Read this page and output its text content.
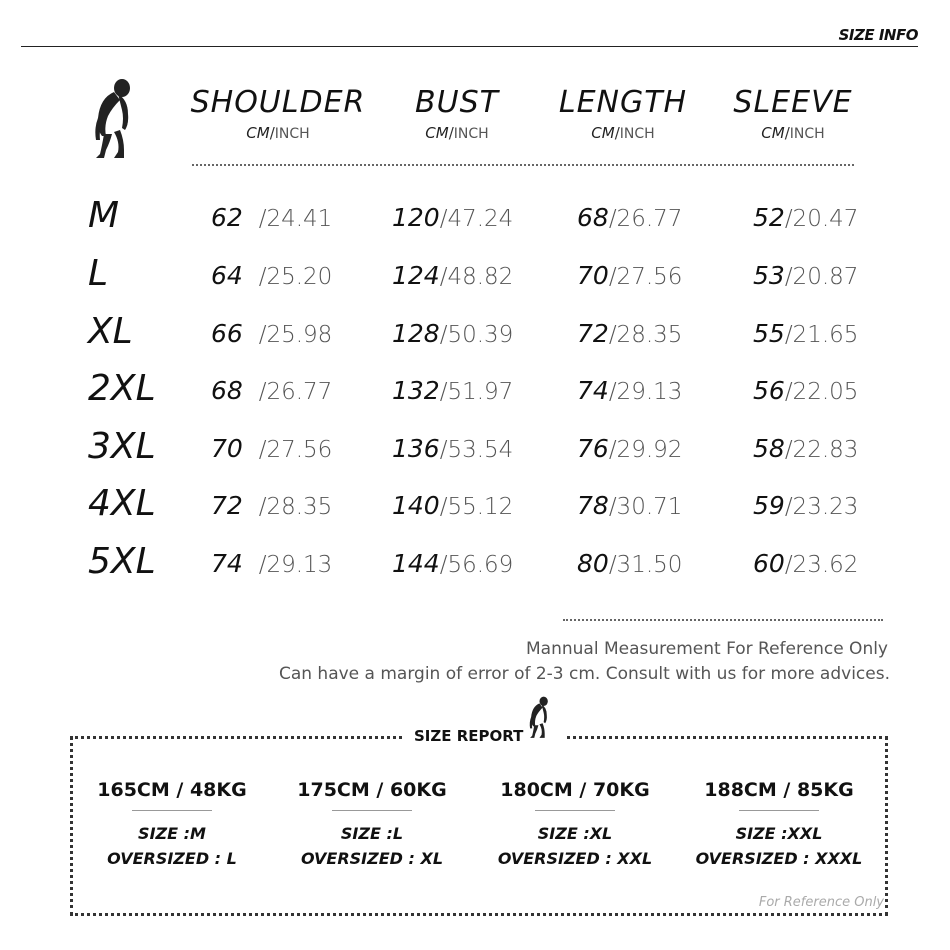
SIZE INFO
SHOULDER
CM/INCH
BUST
CM/INCH
LENGTH
CM/INCH
SLEEVE
CM/INCH
M	62 /24.41 120/47.24	68/26.77	52/20.47
L	64 /25.20 124/48.82	70/27.56	53/20.87
XL	66 /25.98 128/50.39	72/28.35	55/21.65
2XL 68 /26.77 132/51.97	74/29.13	56/22.05
3XL 70 /27.56 136/53.54	76/29.92	58/22.83
4XL 72 /28.35 140/55.12	78/30.71	59/23.23
5XL 74 /29.13 144/56.69	80/31.50	60/23.62
Mannual Measurement For Reference Only
Can have a margin of error of 2-3 cm. Consult with us for more advices.
SIZE REPORT
165CM / 48KG
SIZE :M
OVERSIZED : L
175CM / 60KG
SIZE :L
OVERSIZED : XL
180CM / 70KG
SIZE :XL
OVERSIZED : XXL
188CM / 85KG
SIZE :XXL
OVERSIZED : XXXL
For Reference Only
